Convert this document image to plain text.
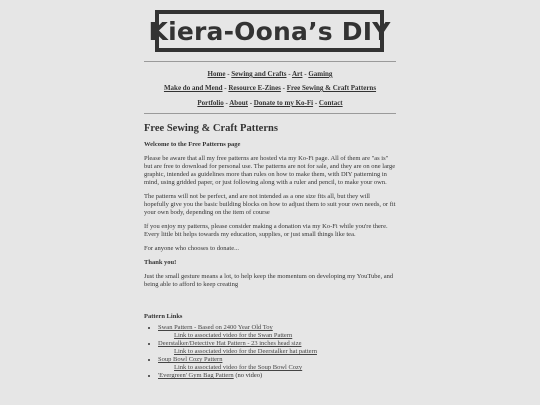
Kiera-Oona’s DIY
Home - Sewing and Crafts - Art - Gaming
Make do and Mend - Resource E-Zines - Free Sewing & Craft Patterns
Portfolio - About - Donate to my Ko-Fi - Contact
Free Sewing & Craft Patterns
Welcome to the Free Patterns page

Please be aware that all my free patterns are hosted via my Ko-Fi page. All of them are "as is" but are free to download for personal use. The patterns are not for sale, and they are on one large graphic, intended as guidelines more than rules on how to make them, with DIY patterning in mind, using gridded paper, or just following along with a ruler and pencil, to make your own.

The patterns will not be perfect, and are not intended as a one size fits all, but they will hopefully give you the basic building blocks on how to adjust them to suit your own needs, or fit your own body, depending on the item of course

If you enjoy my patterns, please consider making a donation via my Ko-Fi while you're there. Every little bit helps towards my education, supplies, or just small things like tea.

For anyone who chooses to donate...

Thank you!

Just the small gesture means a lot, to help keep the momentum on developing my YouTube, and being able to afford to keep creating

Pattern Links
• Swan Pattern - Based on 2400 Year Old Toy
Link to associated video for the Swan Pattern
• Deerstalker/Detective Hat Pattern - 23 inches head size
Link to associated video for the Deerstalker hat pattern
• Soup Bowl Cozy Pattern
Link to associated video for the Soup Bowl Cozy
• 'Evergreen' Gym Bag Pattern (no video)
